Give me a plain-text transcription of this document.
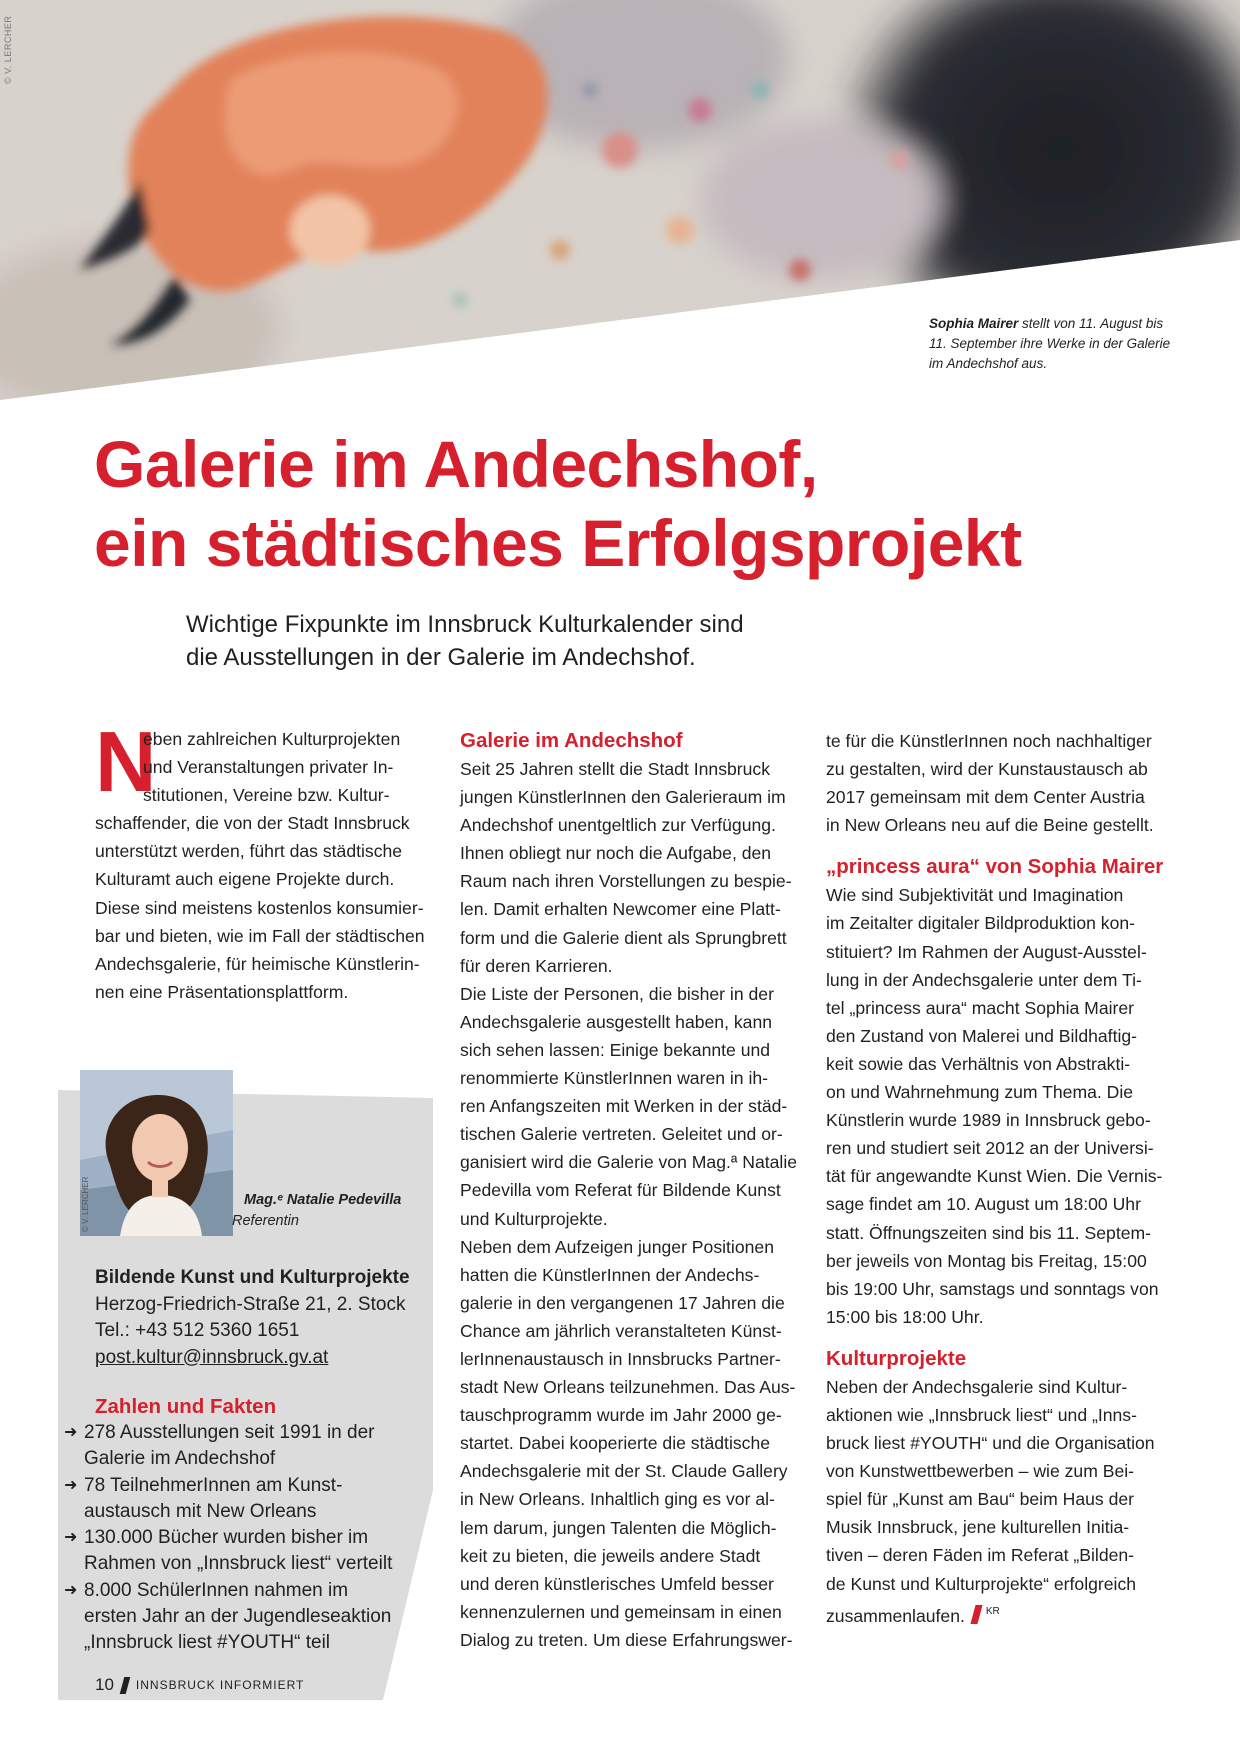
© V. LERCHER
Sophia Mairer stellt von 11. August bis
11. September ihre Werke in der Galerie
im Andechshof aus.
Galerie im Andechshof,
ein städtisches Erfolgsprojekt
Wichtige Fixpunkte im Innsbruck Kulturkalender sind
die Ausstellungen in der Galerie im Andechshof.
N
eben zahlreichen Kulturprojekten
und Veranstaltungen privater In-
stitutionen, Vereine bzw. Kultur-
schaffender, die von der Stadt Innsbruck
unterstützt werden, führt das städtische
Kulturamt auch eigene Projekte durch.
Diese sind meistens kostenlos konsumier-
bar und bieten, wie im Fall der städtischen
Andechsgalerie, für heimische Künstlerin-
nen eine Präsentationsplattform.
© V. LERCHER	Mag.ᵉ Natalie Pedevilla
Referentin
Bildende Kunst und Kulturprojekte
Herzog-Friedrich-Straße 21, 2. Stock
Tel.: +43 512 5360 1651
post.kultur@innsbruck.gv.at
Zahlen und Fakten
➜ 278 Ausstellungen seit 1991 in der
Galerie im Andechshof
➜ 78 TeilnehmerInnen am Kunst-
austausch mit New Orleans
➜ 130.000 Bücher wurden bisher im
Rahmen von „Innsbruck liest“ verteilt
➜ 8.000 SchülerInnen nahmen im
ersten Jahr an der Jugendleseaktion
„Innsbruck liest #YOUTH“ teil
Galerie im Andechshof
Seit 25 Jahren stellt die Stadt Innsbruck
jungen KünstlerInnen den Galerieraum im
Andechshof unentgeltlich zur Verfügung.
Ihnen obliegt nur noch die Aufgabe, den
Raum nach ihren Vorstellungen zu bespie-
len. Damit erhalten Newcomer eine Platt-
form und die Galerie dient als Sprungbrett
für deren Karrieren.
Die Liste der Personen, die bisher in der
Andechsgalerie ausgestellt haben, kann
sich sehen lassen: Einige bekannte und
renommierte KünstlerInnen waren in ih-
ren Anfangszeiten mit Werken in der städ-
tischen Galerie vertreten. Geleitet und or-
ganisiert wird die Galerie von Mag.ª Natalie
Pedevilla vom Referat für Bildende Kunst
und Kulturprojekte.
Neben dem Aufzeigen junger Positionen
hatten die KünstlerInnen der Andechs-
galerie in den vergangenen 17 Jahren die
Chance am jährlich veranstalteten Künst-
lerInnenaustausch in Innsbrucks Partner-
stadt New Orleans teilzunehmen. Das Aus-
tauschprogramm wurde im Jahr 2000 ge-
startet. Dabei kooperierte die städtische
Andechsgalerie mit der St. Claude Gallery
in New Orleans. Inhaltlich ging es vor al-
lem darum, jungen Talenten die Möglich-
keit zu bieten, die jeweils andere Stadt
und deren künstlerisches Umfeld besser
kennenzulernen und gemeinsam in einen
Dialog zu treten. Um diese Erfahrungswer-
te für die KünstlerInnen noch nachhaltiger
zu gestalten, wird der Kunstaustausch ab
2017 gemeinsam mit dem Center Austria
in New Orleans neu auf die Beine gestellt.
„princess aura“ von Sophia Mairer
Wie sind Subjektivität und Imagination
im Zeitalter digitaler Bildproduktion kon-
stituiert? Im Rahmen der August-Ausstel-
lung in der Andechsgalerie unter dem Ti-
tel „princess aura“ macht Sophia Mairer
den Zustand von Malerei und Bildhaftig-
keit sowie das Verhältnis von Abstrakti-
on und Wahrnehmung zum Thema. Die
Künstlerin wurde 1989 in Innsbruck gebo-
ren und studiert seit 2012 an der Universi-
tät für angewandte Kunst Wien. Die Vernis-
sage findet am 10. August um 18:00 Uhr
statt. Öffnungszeiten sind bis 11. Septem-
ber jeweils von Montag bis Freitag, 15:00
bis 19:00 Uhr, samstags und sonntags von
15:00 bis 18:00 Uhr.
Kulturprojekte
Neben der Andechsgalerie sind Kultur-
aktionen wie „Innsbruck liest“ und „Inns-
bruck liest #YOUTH“ und die Organisation
von Kunstwettbewerben – wie zum Bei-
spiel für „Kunst am Bau“ beim Haus der
Musik Innsbruck, jene kulturellen Initia-
tiven – deren Fäden im Referat „Bilden-
de Kunst und Kulturprojekte“ erfolgreich
zusammenlaufen. $^{KR}$
10 INNSBRUCK INFORMIERT
